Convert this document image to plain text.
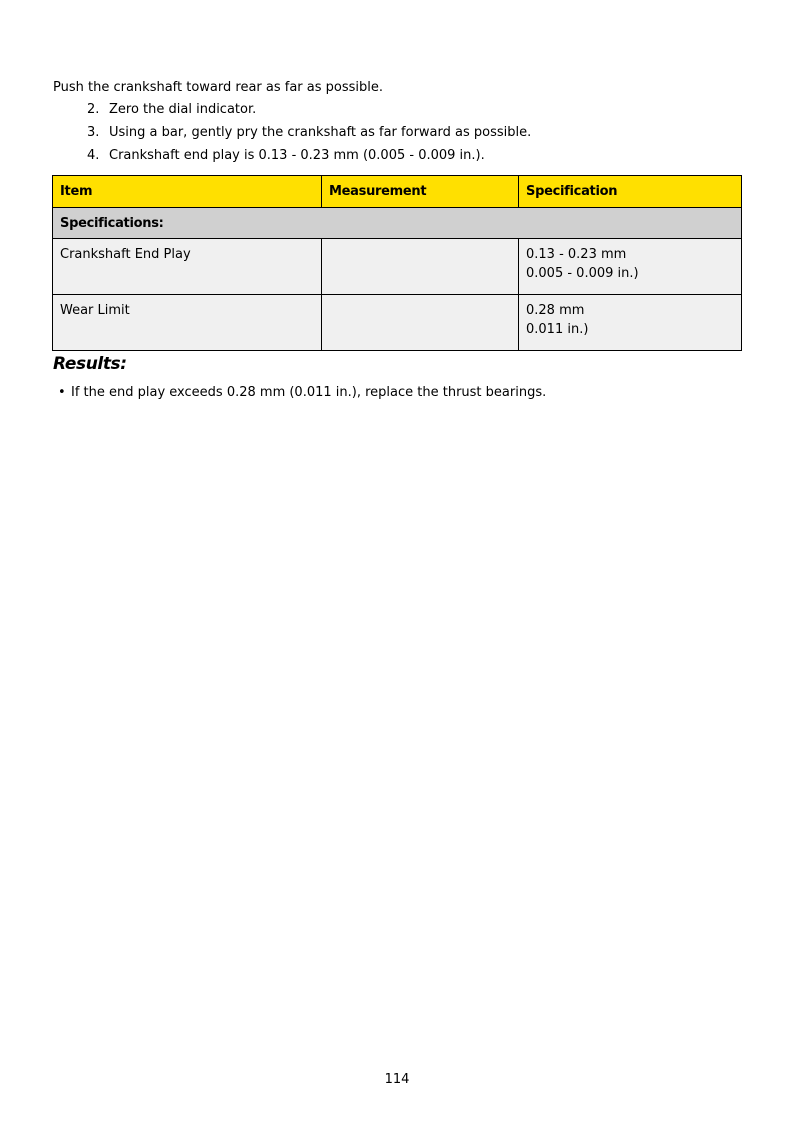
Push the crankshaft toward rear as far as possible.

2. Zero the dial indicator.
3. Using a bar, gently pry the crankshaft as far forward as possible.
4. Crankshaft end play is 0.13 - 0.23 mm (0.005 - 0.009 in.).
Item	Measurement	Specification
Specifications:		
Crankshaft End Play		0.13 - 0.23 mm
0.005 - 0.009 in.)

Wear Limit		0.28 mm
0.011 in.)
Results:
• If the end play exceeds 0.28 mm (0.011 in.), replace the thrust bearings.
114
